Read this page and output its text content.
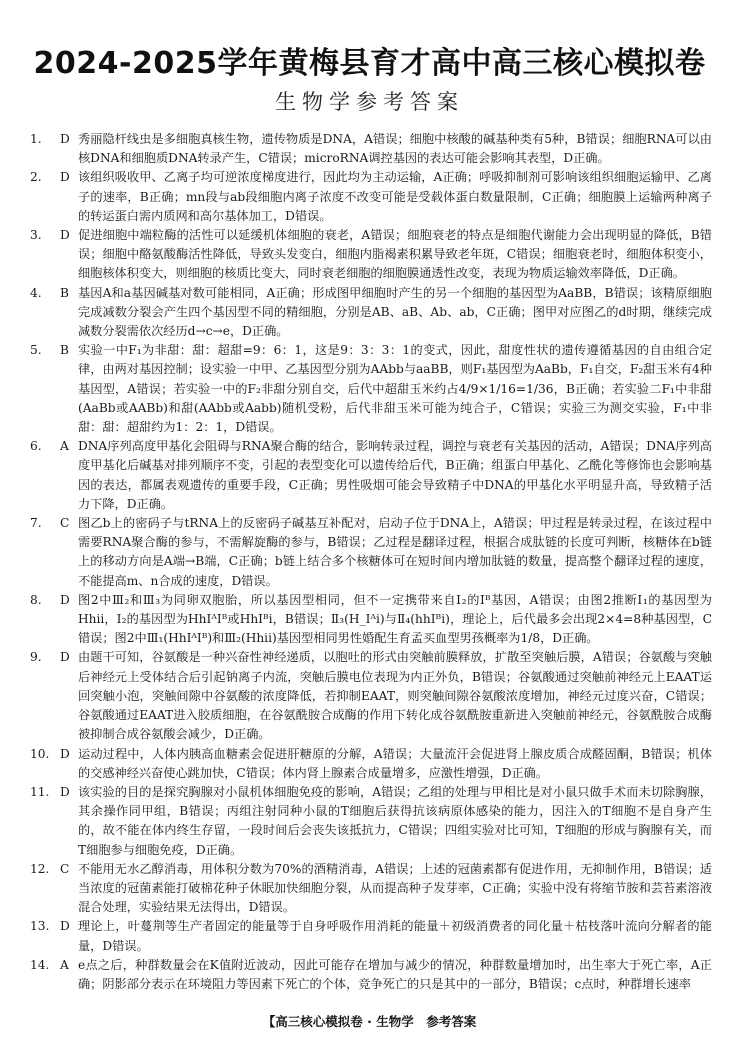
2024-2025学年黄梅县育才高中高三核心模拟卷
生物学参考答案
1.	D 秀丽隐杆线虫是多细胞真核生物，遗传物质是DNA，A错误；细胞中核酸的碱基种类有5种，B错误；细胞RNA可以由核DNA和细胞质DNA转录产生，C错误；microRNA调控基因的表达可能会影响其表型，D正确。
2.	D 该组织吸收甲、乙离子均可逆浓度梯度进行，因此均为主动运输，A正确；呼吸抑制剂可影响该组织细胞运输甲、乙离子的速率，B正确；mn段与ab段细胞内离子浓度不改变可能是受载体蛋白数量限制，C正确；细胞膜上运输两种离子的转运蛋白需内质网和高尔基体加工，D错误。
3.	D 促进细胞中端粒酶的活性可以延缓机体细胞的衰老，A错误；细胞衰老的特点是细胞代谢能力会出现明显的降低，B错误；细胞中酪氨酸酶活性降低，导致头发变白，细胞内脂褐素积累导致老年斑，C错误；细胞衰老时，细胞体积变小，细胞核体积变大，则细胞的核质比变大，同时衰老细胞的细胞膜通透性改变，表现为物质运输效率降低，D正确。
4.	B 基因A和a基因碱基对数可能相同，A正确；形成图甲细胞时产生的另一个细胞的基因型为AaBB，B错误；该精原细胞完成减数分裂会产生四个基因型不同的精细胞，分别是AB、aB、Ab、ab，C正确；图甲对应图乙的d时期，继续完成减数分裂需依次经历d→c→e，D正确。
5.	B 实验一中F₁为非甜：甜：超甜=9：6：1，这是9：3：3：1的变式，因此，甜度性状的遗传遵循基因的自由组合定律，由两对基因控制；设实验一中甲、乙基因型分别为AAbb与aaBB，则F₁基因型为AaBb，F₁自交，F₂甜玉米有4种基因型，A错误；若实验一中的F₂非甜分别自交，后代中超甜玉米约占4/9×1/16=1/36，B正确；若实验二F₁中非甜(AaBb或AABb)和甜(AAbb或Aabb)随机受粉，后代非甜玉米可能为纯合子，C错误；实验三为测交实验，F₁中非甜：甜：超甜约为1：2：1，D错误。
6.	A DNA序列高度甲基化会阻碍与RNA聚合酶的结合，影响转录过程，调控与衰老有关基因的活动，A错误；DNA序列高度甲基化后碱基对排列顺序不变，引起的表型变化可以遗传给后代，B正确；组蛋白甲基化、乙酰化等修饰也会影响基因的表达，都属表观遗传的重要手段，C正确；男性吸烟可能会导致精子中DNA的甲基化水平明显升高，导致精子活力下降，D正确。
7.	C 图乙b上的密码子与tRNA上的反密码子碱基互补配对，启动子位于DNA上，A错误；甲过程是转录过程，在该过程中需要RNA聚合酶的参与，不需解旋酶的参与，B错误；乙过程是翻译过程，根据合成肽链的长度可判断，核糖体在b链上的移动方向是A端→B端，C正确；b链上结合多个核糖体可在短时间内增加肽链的数量，提高整个翻译过程的速度，不能提高m、n合成的速度，D错误。
8.	D 图2中Ⅲ₂和Ⅲ₃为同卵双胞胎，所以基因型相同，但不一定携带来自Ⅰ₂的Iᴮ基因，A错误；由图2推断Ⅰ₁的基因型为Hhii，Ⅰ₂的基因型为HhIᴬIᴮ或HhIᴮi，B错误；Ⅱ₃(H_Iᴬi)与Ⅱ₄(hhIᴮi)，理论上，后代最多会出现2×4=8种基因型，C错误；图2中Ⅲ₁(HhIᴬIᴮ)和Ⅲ₂(Hhii)基因型相同男性婚配生育孟买血型男孩概率为1/8，D正确。
9.	D 由题干可知，谷氨酸是一种兴奋性神经递质，以胞吐的形式由突触前膜释放，扩散至突触后膜，A错误；谷氨酸与突触后神经元上受体结合后引起钠离子内流，突触后膜电位表现为内正外负，B错误；谷氨酸通过突触前神经元上EAAT运回突触小泡，突触间隙中谷氨酸的浓度降低，若抑制EAAT，则突触间隙谷氨酸浓度增加，神经元过度兴奋，C错误；谷氨酸通过EAAT进入胶质细胞，在谷氨酰胺合成酶的作用下转化成谷氨酰胺重新进入突触前神经元，谷氨酰胺合成酶被抑制合成谷氨酸会减少，D正确。
10. D 运动过程中，人体内胰高血糖素会促进肝糖原的分解，A错误；大量流汗会促进肾上腺皮质合成醛固酮，B错误；机体的交感神经兴奋使心跳加快，C错误；体内肾上腺素合成量增多，应激性增强，D正确。
11. D 该实验的目的是探究胸腺对小鼠机体细胞免疫的影响，A错误；乙组的处理与甲相比是对小鼠只做手术而未切除胸腺，其余操作同甲组，B错误；丙组注射同种小鼠的T细胞后获得抗该病原体感染的能力，因注入的T细胞不是自身产生的，故不能在体内终生存留，一段时间后会丧失该抵抗力，C错误；四组实验对比可知，T细胞的形成与胸腺有关，而T细胞参与细胞免疫，D正确。
12. C 不能用无水乙醇消毒，用体积分数为70%的酒精消毒，A错误；上述的冠菌素都有促进作用，无抑制作用，B错误；适当浓度的冠菌素能打破棉花种子休眠加快细胞分裂，从而提高种子发芽率，C正确；实验中没有将缩节胺和芸苔素溶液混合处理，实验结果无法得出，D错误。
13. D 理论上，叶蔓荆等生产者固定的能量等于自身呼吸作用消耗的能量＋初级消费者的同化量＋枯枝落叶流向分解者的能量，D错误。
14. A e点之后，种群数量会在K值附近波动，因此可能存在增加与减少的情况，种群数量增加时，出生率大于死亡率，A正确；阴影部分表示在环境阻力等因素下死亡的个体，竞争死亡的只是其中的一部分，B错误；c点时，种群增长速率
【高三核心模拟卷 · 生物学　参考答案
